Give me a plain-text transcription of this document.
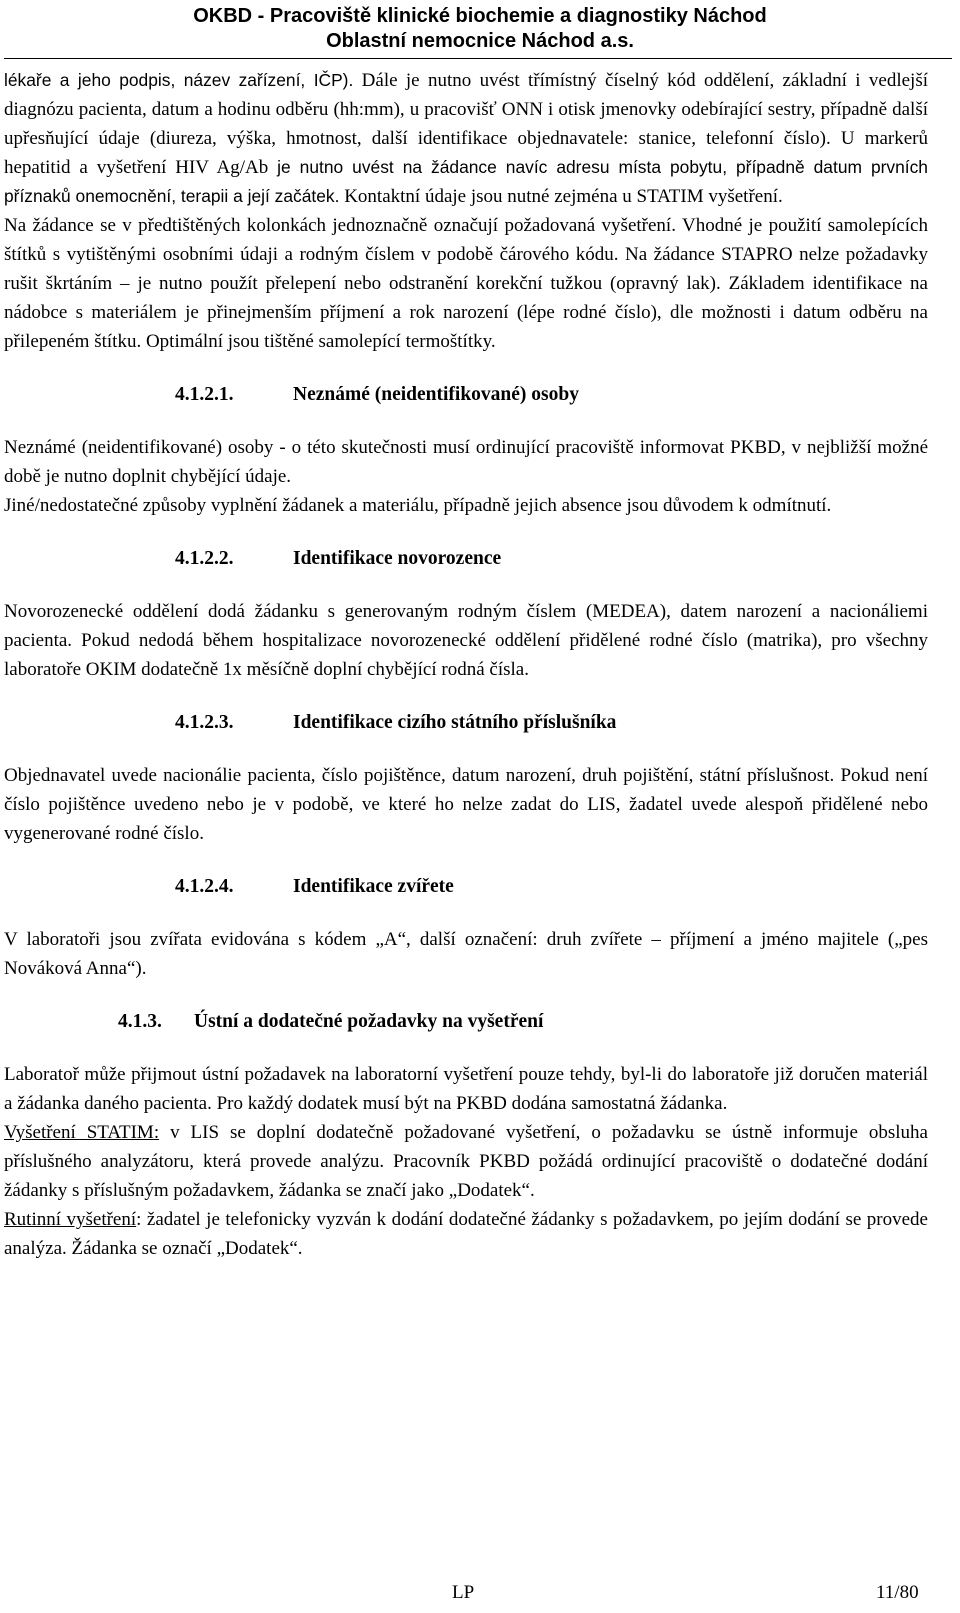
OKBD - Pracoviště klinické biochemie a diagnostiky Náchod
Oblastní nemocnice Náchod a.s.

lékaře a jeho podpis, název zařízení, IČP). Dále je nutno uvést třímístný číselný kód oddělení, základní i vedlejší diagnózu pacienta, datum a hodinu odběru (hh:mm), u pracovišť ONN i otisk jmenovky odebírající sestry, případně další upřesňující údaje (diureza, výška, hmotnost, další identifikace objednavatele: stanice, telefonní číslo). U markerů hepatitid a vyšetření HIV Ag/Ab je nutno uvést na žádance navíc adresu místa pobytu, případně datum prvních příznaků onemocnění, terapii a její začátek. Kontaktní údaje jsou nutné zejména u STATIM vyšetření.

Na žádance se v předtištěných kolonkách jednoznačně označují požadovaná vyšetření. Vhodné je použití samolepících štítků s vytištěnými osobními údaji a rodným číslem v podobě čárového kódu. Na žádance STAPRO nelze požadavky rušit škrtáním – je nutno použít přelepení nebo odstranění korekční tužkou (opravný lak). Základem identifikace na nádobce s materiálem je přinejmenším příjmení a rok narození (lépe rodné číslo), dle možnosti i datum odběru na přilepeném štítku. Optimální jsou tištěné samolepící termoštítky.

4.1.2.1.	Neznámé (neidentifikované) osoby

Neznámé (neidentifikované) osoby - o této skutečnosti musí ordinující pracoviště informovat PKBD, v nejbližší možné době je nutno doplnit chybějící údaje.

Jiné/nedostatečné způsoby vyplnění žádanek a materiálu, případně jejich absence jsou důvodem k odmítnutí.

4.1.2.2.	Identifikace novorozence

Novorozenecké oddělení dodá žádanku s generovaným rodným číslem (MEDEA), datem narození a nacionáliemi pacienta. Pokud nedodá během hospitalizace novorozenecké oddělení přidělené rodné číslo (matrika), pro všechny laboratoře OKIM dodatečně 1x měsíčně doplní chybějící rodná čísla.

4.1.2.3.	Identifikace cizího státního příslušníka

Objednavatel uvede nacionálie pacienta, číslo pojištěnce, datum narození, druh pojištění, státní příslušnost. Pokud není číslo pojištěnce uvedeno nebo je v podobě, ve které ho nelze zadat do LIS, žadatel uvede alespoň přidělené nebo vygenerované rodné číslo.

4.1.2.4.	Identifikace zvířete

V laboratoři jsou zvířata evidována s kódem „A“, další označení: druh zvířete – příjmení a jméno majitele („pes Nováková Anna“).

4.1.3. Ústní a dodatečné požadavky na vyšetření

Laboratoř může přijmout ústní požadavek na laboratorní vyšetření pouze tehdy, byl-li do laboratoře již doručen materiál a žádanka daného pacienta. Pro každý dodatek musí být na PKBD dodána samostatná žádanka.

Vyšetření STATIM: v LIS se doplní dodatečně požadované vyšetření, o požadavku se ústně informuje obsluha příslušného analyzátoru, která provede analýzu. Pracovník PKBD požádá ordinující pracoviště o dodatečné dodání žádanky s příslušným požadavkem, žádanka se značí jako „Dodatek“.

Rutinní vyšetření: žadatel je telefonicky vyzván k dodání dodatečné žádanky s požadavkem, po jejím dodání se provede analýza. Žádanka se označí „Dodatek“.

LP	11/80
